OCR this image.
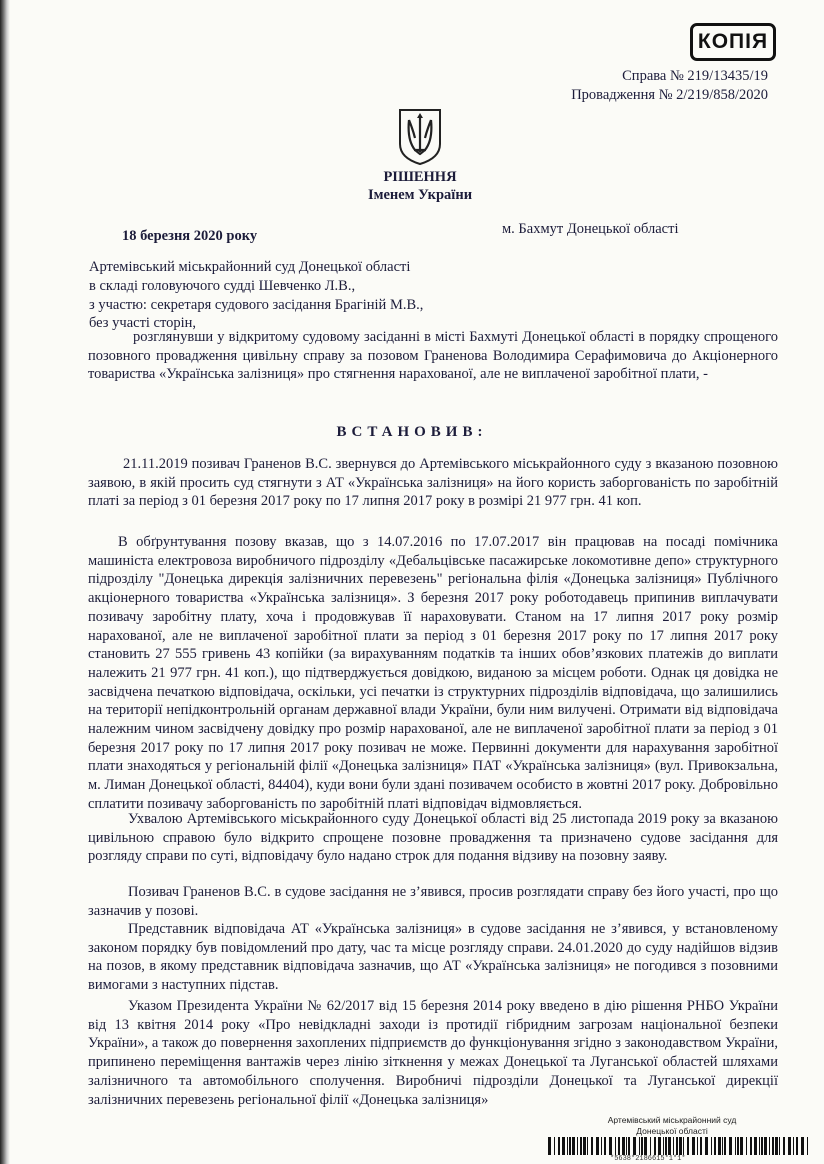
КОПІЯ
Справа № 219/13435/19
Провадження № 2/219/858/2020
РІШЕННЯ
Іменем України
18 березня 2020 року	м. Бахмут Донецької області
Артемівський міськрайонний суд Донецької області
в складі головуючого судді Шевченко Л.В.,
з участю: секретаря судового засідання Брагіній М.В.,
без участі сторін,
розглянувши у відкритому судовому засіданні в місті Бахмуті Донецької області в порядку спрощеного позовного провадження цивільну справу за позовом Граненова Володимира Серафимовича до Акціонерного товариства «Українська залізниця» про стягнення нарахованої, але не виплаченої заробітної плати, -
ВСТАНОВИВ:
21.11.2019 позивач Граненов В.С. звернувся до Артемівського міськрайонного суду з вказаною позовною заявою, в якій просить суд стягнути з АТ «Українська залізниця» на його користь заборгованість по заробітній платі за період з 01 березня 2017 року по 17 липня 2017 року в розмірі 21 977 грн. 41 коп.
В обґрунтування позову вказав, що з 14.07.2016 по 17.07.2017 він працював на посаді помічника машиніста електровоза виробничого підрозділу «Дебальцівське пасажирське локомотивне депо» структурного підрозділу "Донецька дирекція залізничних перевезень" регіональна філія «Донецька залізниця» Публічного акціонерного товариства «Українська залізниця». З березня 2017 року роботодавець припинив виплачувати позивачу заробітну плату, хоча і продовжував її нараховувати. Станом на 17 липня 2017 року розмір нарахованої, але не виплаченої заробітної плати за період з 01 березня 2017 року по 17 липня 2017 року становить 27 555 гривень 43 копійки (за вирахуванням податків та інших обов’язкових платежів до виплати належить 21 977 грн. 41 коп.), що підтверджується довідкою, виданою за місцем роботи. Однак ця довідка не засвідчена печаткою відповідача, оскільки, усі печатки із структурних підрозділів відповідача, що залишились на території непідконтрольній органам державної влади України, були ним вилучені. Отримати від відповідача належним чином засвідчену довідку про розмір нарахованої, але не виплаченої заробітної плати за період з 01 березня 2017 року по 17 липня 2017 року позивач не може. Первинні документи для нарахування заробітної плати знаходяться у регіональній філії «Донецька залізниця» ПАТ «Українська залізниця» (вул. Привокзальна, м. Лиман Донецької області, 84404), куди вони були здані позивачем особисто в жовтні 2017 року. Добровільно сплатити позивачу заборгованість по заробітній платі відповідач відмовляється.
Ухвалою Артемівського міськрайонного суду Донецької області від 25 листопада 2019 року за вказаною цивільною справою було відкрито спрощене позовне провадження та призначено судове засідання для розгляду справи по суті, відповідачу було надано строк для подання відзиву на позовну заяву.
Позивач Граненов В.С. в судове засідання не з’явився, просив розглядати справу без його участі, про що зазначив у позові.
Представник відповідача АТ «Українська залізниця» в судове засідання не з’явився, у встановленому законом порядку був повідомлений про дату, час та місце розгляду справи. 24.01.2020 до суду надійшов відзив на позов, в якому представник відповідача зазначив, що АТ «Українська залізниця» не погодився з позовними вимогами з наступних підстав.
Указом Президента України № 62/2017 від 15 березня 2014 року введено в дію рішення РНБО України від 13 квітня 2014 року «Про невідкладні заходи із протидії гібридним загрозам національної безпеки України», а також до повернення захоплених підприємств до функціонування згідно з законодавством України, припинено переміщення вантажів через лінію зіткнення у межах Донецької та Луганської областей шляхами залізничного та автомобільного сполучення. Виробничі підрозділи Донецької та Луганської дирекції залізничних перевезень регіональної філії «Донецька залізниця»
Артемівський міськрайонний суд
Донецької області
*5638*2186615*1*1*
